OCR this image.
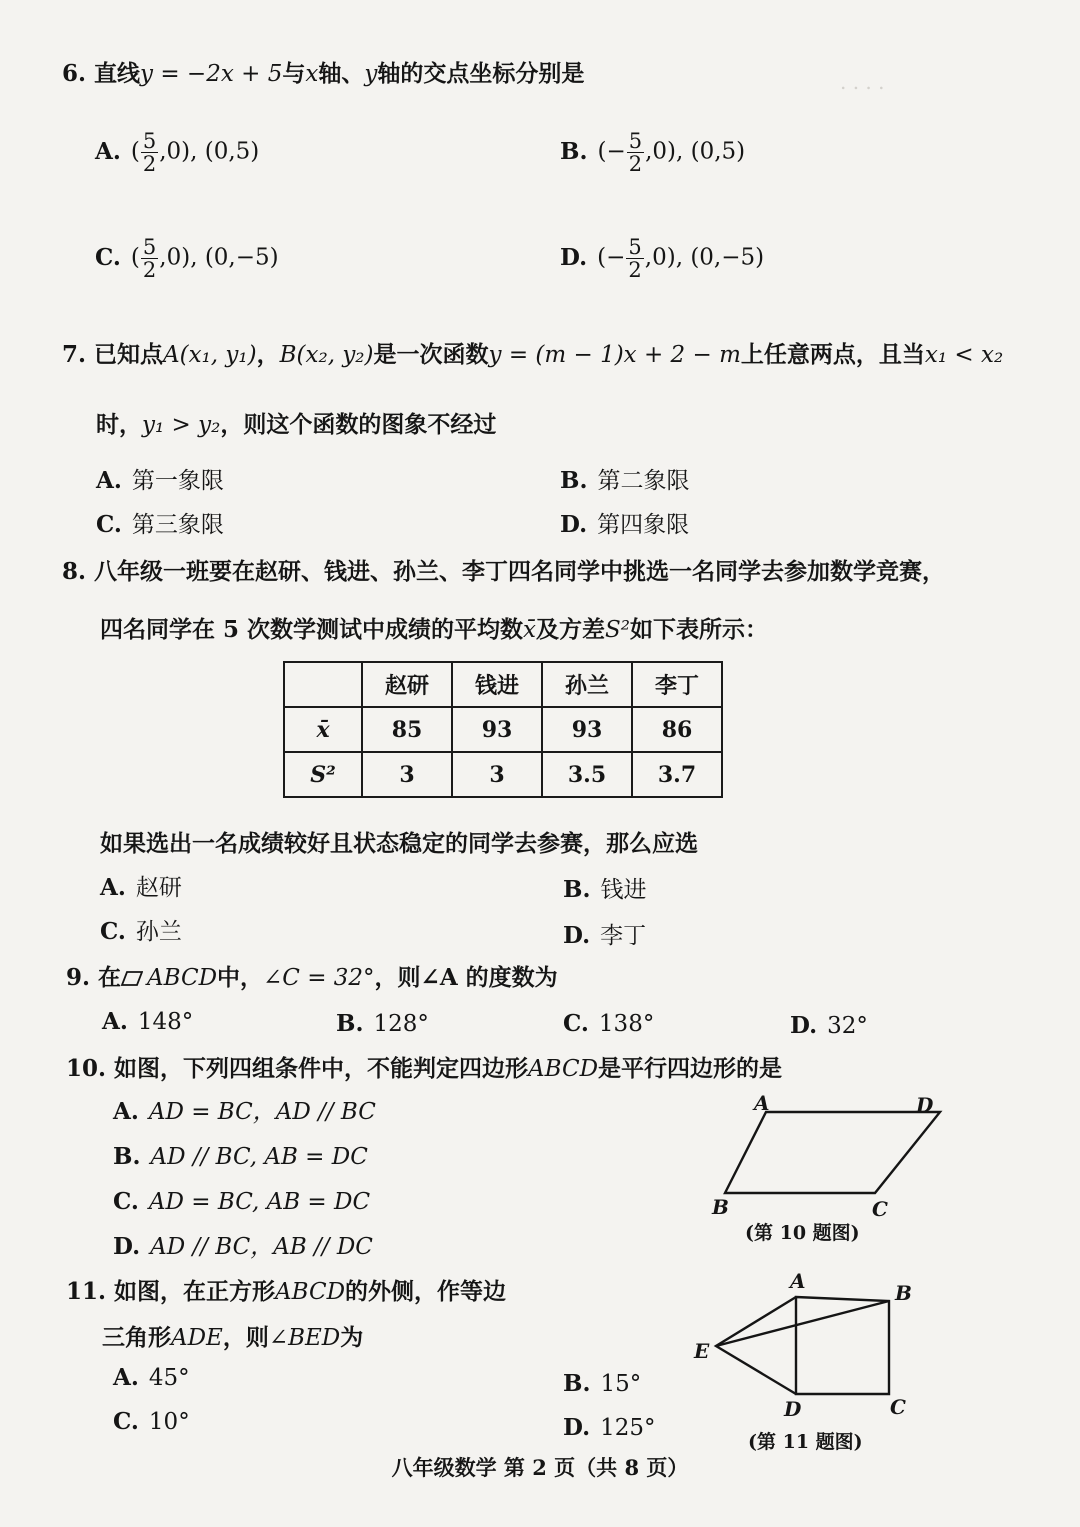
. . . .
6. 直线y = −2x + 5与x轴、y轴的交点坐标分别是
A. ( $\frac{5}{2} ,0$), (0,5)	B. (− $\frac{5}{2} ,0$), (0,5)
C. ( $\frac{5}{2} ,0$), (0,−5)	D. (− $\frac{5}{2} ,0$), (0,−5)
7. 已知点A(x₁, y₁)，B(x₂, y₂)是一次函数y = (m − 1)x + 2 − m上任意两点，且当x₁ < x₂
时，y₁ > y₂，则这个函数的图象不经过
A. 第一象限	B. 第二象限
C. 第三象限	D. 第四象限
8. 八年级一班要在赵研、钱进、孙兰、李丁四名同学中挑选一名同学去参加数学竞赛，
四名同学在 5 次数学测试中成绩的平均数x̄及方差S²如下表所示：
	赵研	钱进	孙兰	李丁
x̄	85	93	93	86
S²	3	3	3.5	3.7
如果选出一名成绩较好且状态稳定的同学去参赛，那么应选
A. 赵研	B. 钱进
C. 孙兰	D. 李丁
9. 在 ABCD中，∠C = 32°，则∠A 的度数为
A. 148°	B. 128°	C. 138°	D. 32°
10. 如图，下列四组条件中，不能判定四边形ABCD是平行四边形的是
A. AD = BC，AD // BC
B. AD // BC, AB = DC
C. AD = BC, AB = DC
D. AD // BC，AB // DC
A	D
B	C
(第 10 题图)
11. 如图，在正方形ABCD的外侧，作等边
三角形ADE，则∠BED为
A. 45°	B. 15°
C. 10°	D. 125°
A	B
E
D	C
(第 11 题图)
八年级数学 第 2 页（共 8 页）
